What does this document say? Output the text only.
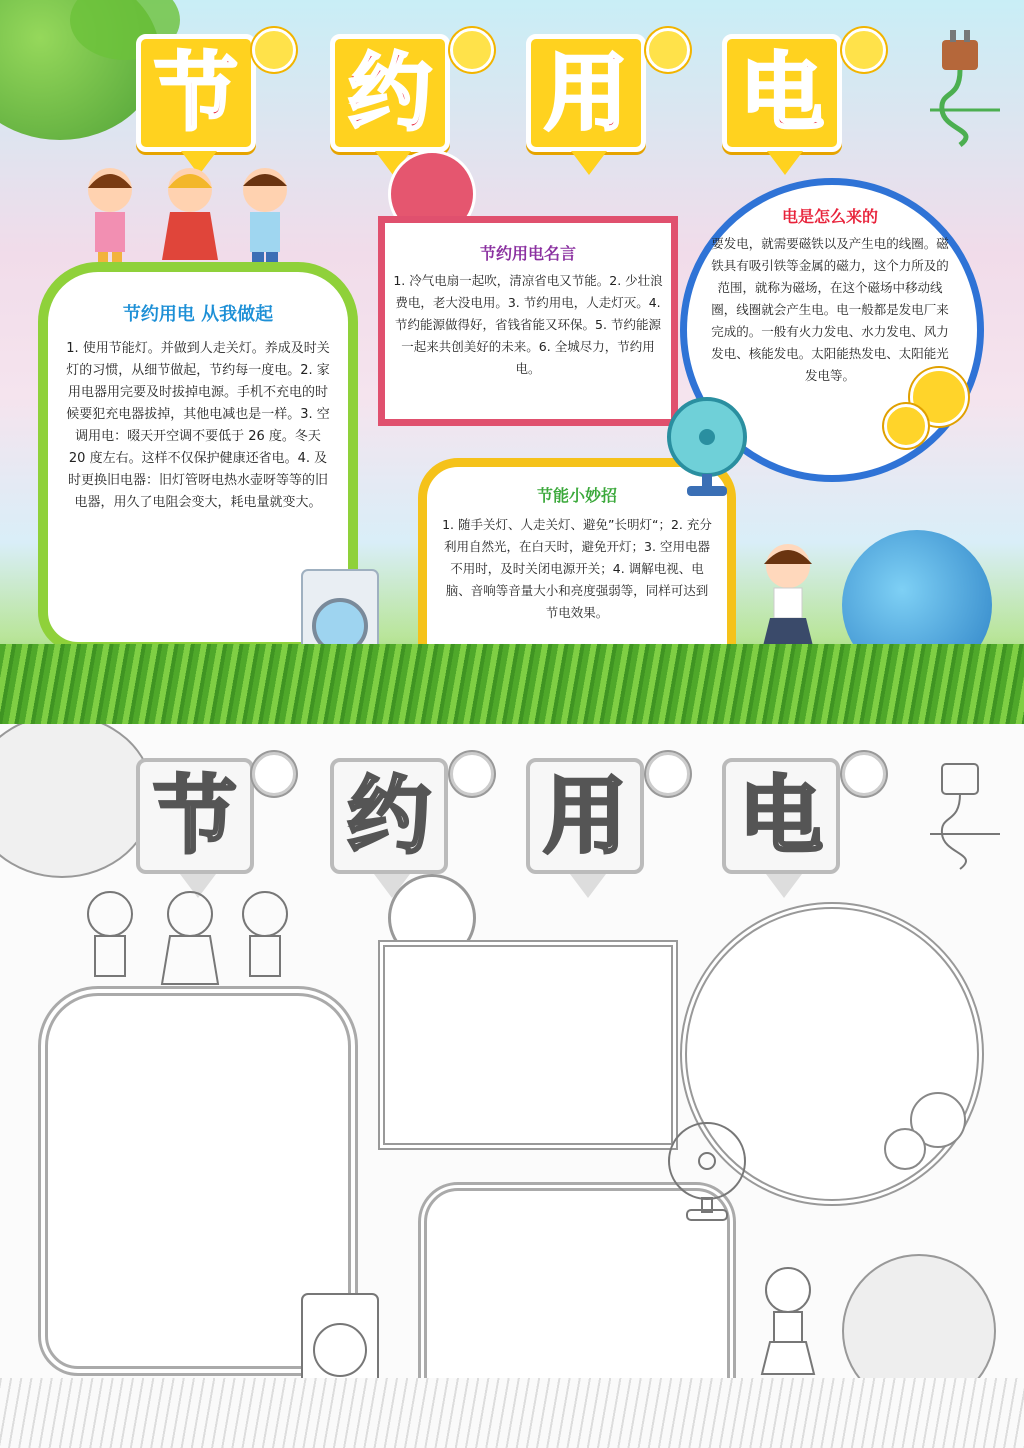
节 约 用 电
节约用电 从我做起
1. 使用节能灯。并做到人走关灯。养成及时关灯的习惯，从细节做起，节约每一度电。2. 家用电器用完要及时拔掉电源。手机不充电的时候要犯充电器拔掉，其他电减也是一样。3. 空调用电：啜天开空调不要低于 26 度。冬天 20 度左右。这样不仅保护健康还省电。4. 及时更换旧电器：旧灯管呀电热水壶呀等等的旧电器，用久了电阻会变大，耗电量就变大。
节约用电名言
1. 冷气电扇一起吹，清凉省电又节能。2. 少壮浪费电，老大没电用。3. 节约用电，人走灯灭。4. 节约能源做得好，省钱省能又环保。5. 节约能源一起来共创美好的未来。6. 全城尽力，节约用电。
电是怎么来的
要发电，就需要磁铁以及产生电的线圈。磁铁具有吸引铁等金属的磁力，这个力所及的范围，就称为磁场，在这个磁场中移动线圈，线圈就会产生电。电一般都是发电厂来完成的。一般有火力发电、水力发电、风力发电、核能发电。太阳能热发电、太阳能光发电等。
节能小妙招
1. 随手关灯、人走关灯、避免”长明灯“；2. 充分利用自然光，在白天时，避免开灯；3. 空用电器不用时，及时关闭电源开关；4. 调解电视、电脑、音响等音量大小和亮度强弱等，同样可达到节电效果。
节 约 用 电
